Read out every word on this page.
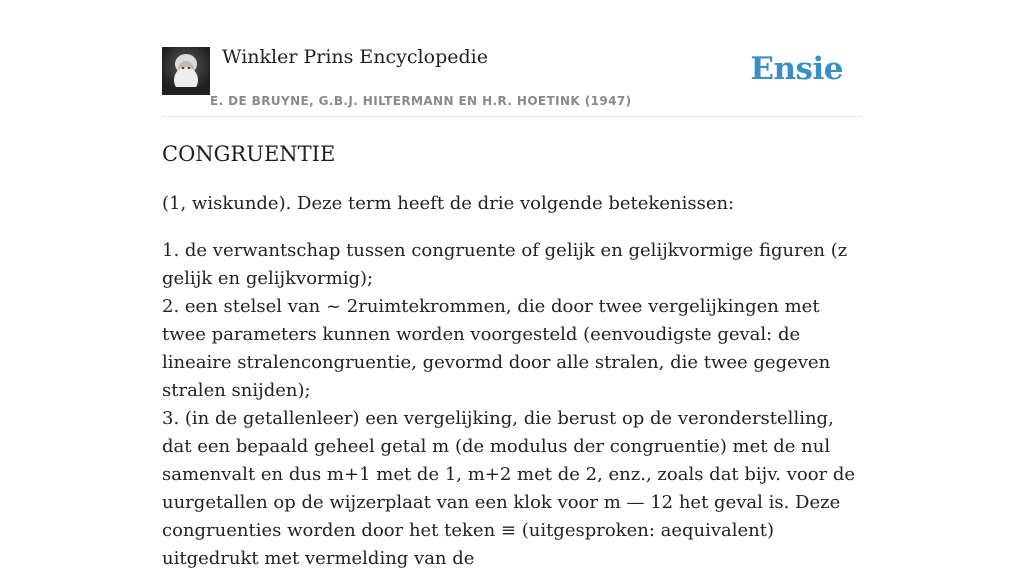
Winkler Prins Encyclopedie
E. DE BRUYNE, G.B.J. HILTERMANN EN H.R. HOETINK (1947)
Ensie
CONGRUENTIE

(1, wiskunde). Deze term heeft de drie volgende betekenissen:

1. de verwantschap tussen congruente of gelijk en gelijkvormige figuren (z gelijk en gelijkvormig);
2. een stelsel van ~ 2ruimtekrommen, die door twee vergelijkingen met twee parameters kunnen worden voorgesteld (eenvoudigste geval: de lineaire stralencongruentie, gevormd door alle stralen, die twee gegeven stralen snijden);
3. (in de getallenleer) een vergelijking, die berust op de veronderstelling, dat een bepaald geheel getal m (de modulus der congruentie) met de nul samenvalt en dus m+1 met de 1, m+2 met de 2, enz., zoals dat bijv. voor de uurgetallen op de wijzerplaat van een klok voor m — 12 het geval is. Deze congruenties worden door het teken ≡ (uitgesproken: aequivalent) uitgedrukt met vermelding van de
